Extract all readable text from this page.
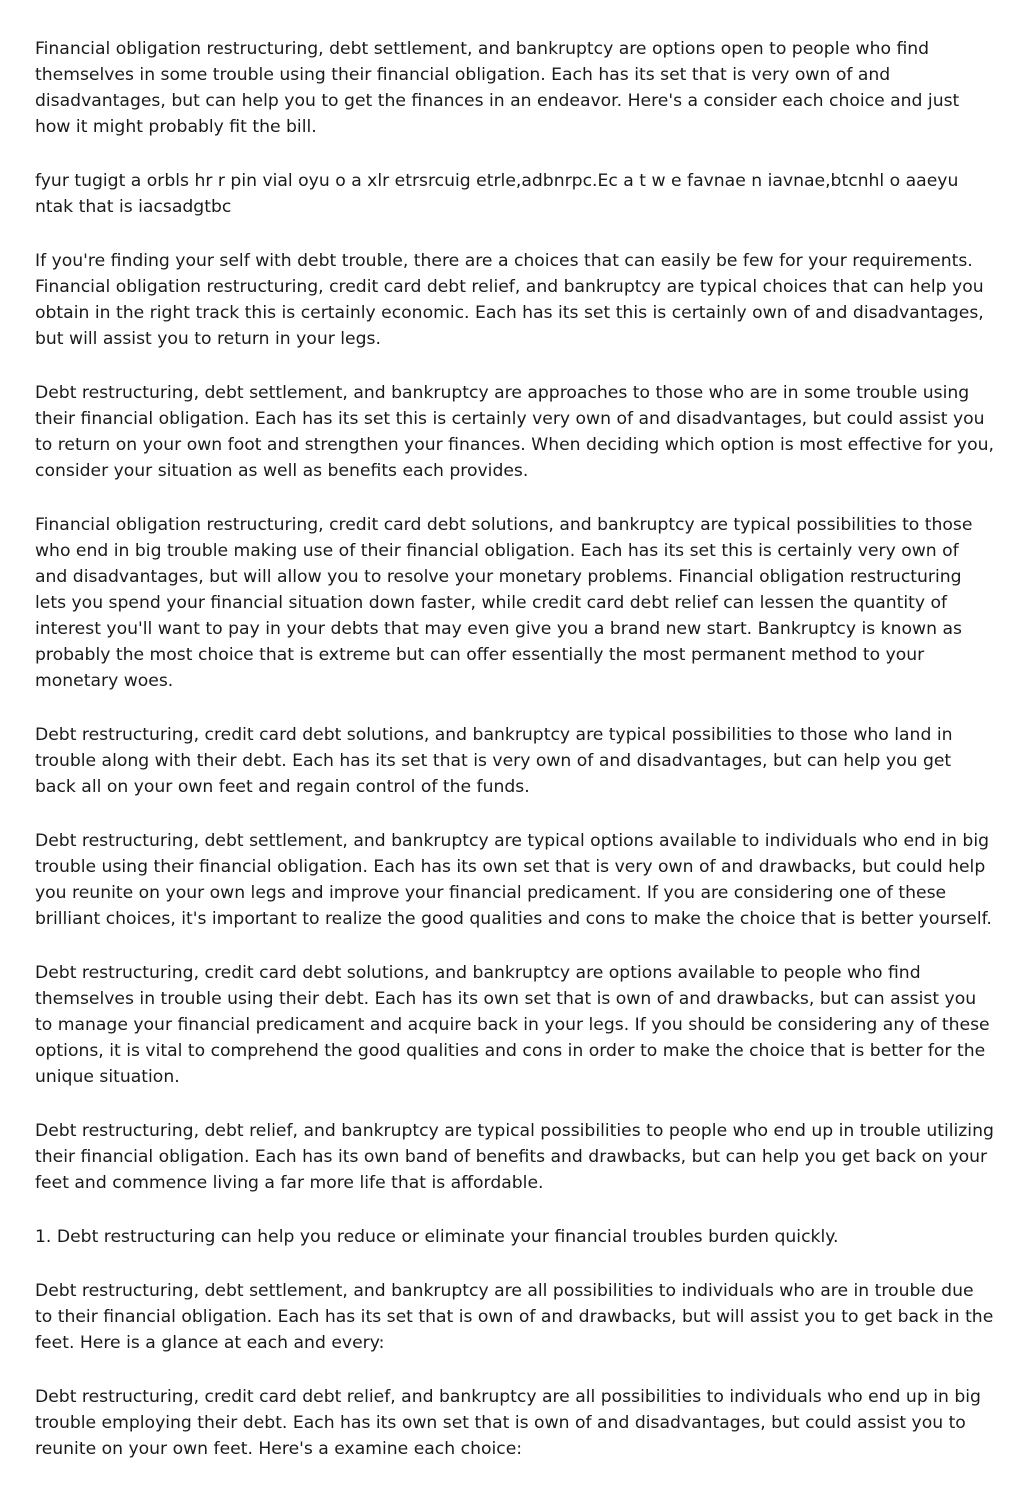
Financial obligation restructuring, debt settlement, and bankruptcy are options open to people who find themselves in some trouble using their financial obligation. Each has its set that is very own of and disadvantages, but can help you to get the finances in an endeavor. Here's a consider each choice and just how it might probably fit the bill.

fyur tugigt a orbls hr r pin vial oyu o a xlr etrsrcuig etrle,adbnrpc.Ec a t w e favnae n iavnae,btcnhl o aaeyu ntak that is iacsadgtbc

If you're finding your self with debt trouble, there are a choices that can easily be few for your requirements. Financial obligation restructuring, credit card debt relief, and bankruptcy are typical choices that can help you obtain in the right track this is certainly economic. Each has its set this is certainly own of and disadvantages, but will assist you to return in your legs.

Debt restructuring, debt settlement, and bankruptcy are approaches to those who are in some trouble using their financial obligation. Each has its set this is certainly very own of and disadvantages, but could assist you to return on your own foot and strengthen your finances. When deciding which option is most effective for you, consider your situation as well as benefits each provides.

Financial obligation restructuring, credit card debt solutions, and bankruptcy are typical possibilities to those who end in big trouble making use of their financial obligation. Each has its set this is certainly very own of and disadvantages, but will allow you to resolve your monetary problems. Financial obligation restructuring lets you spend your financial situation down faster, while credit card debt relief can lessen the quantity of interest you'll want to pay in your debts that may even give you a brand new start. Bankruptcy is known as probably the most choice that is extreme but can offer essentially the most permanent method to your monetary woes.

Debt restructuring, credit card debt solutions, and bankruptcy are typical possibilities to those who land in trouble along with their debt. Each has its set that is very own of and disadvantages, but can help you get back all on your own feet and regain control of the funds.

Debt restructuring, debt settlement, and bankruptcy are typical options available to individuals who end in big trouble using their financial obligation. Each has its own set that is very own of and drawbacks, but could help you reunite on your own legs and improve your financial predicament. If you are considering one of these brilliant choices, it's important to realize the good qualities and cons to make the choice that is better yourself.

Debt restructuring, credit card debt solutions, and bankruptcy are options available to people who find themselves in trouble using their debt. Each has its own set that is own of and drawbacks, but can assist you to manage your financial predicament and acquire back in your legs. If you should be considering any of these options, it is vital to comprehend the good qualities and cons in order to make the choice that is better for the unique situation.

Debt restructuring, debt relief, and bankruptcy are typical possibilities to people who end up in trouble utilizing their financial obligation. Each has its own band of benefits and drawbacks, but can help you get back on your feet and commence living a far more life that is affordable.

1. Debt restructuring can help you reduce or eliminate your financial troubles burden quickly.

Debt restructuring, debt settlement, and bankruptcy are all possibilities to individuals who are in trouble due to their financial obligation. Each has its set that is own of and drawbacks, but will assist you to get back in the feet. Here is a glance at each and every:

Debt restructuring, credit card debt relief, and bankruptcy are all possibilities to individuals who end up in big trouble employing their debt. Each has its own set that is own of and disadvantages, but could assist you to reunite on your own feet. Here's a examine each choice:
